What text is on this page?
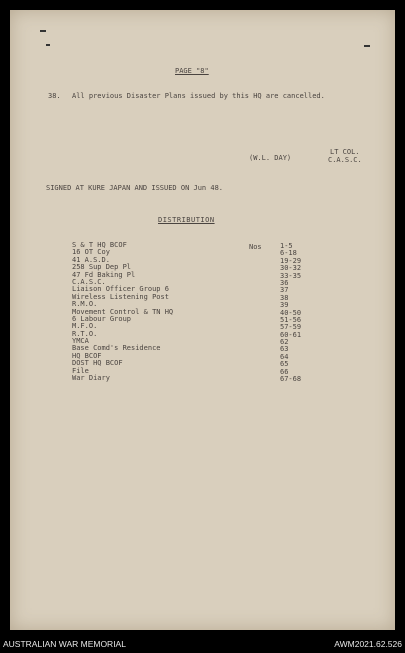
PAGE "8"
38. All previous Disaster Plans issued by this HQ are cancelled.
LT COL.
(W.L. DAY)	C.A.S.C.
SIGNED AT KURE JAPAN AND ISSUED ON Jun 48.
DISTRIBUTION
Nos
S & T HQ BCOF
16 OT Coy
41 A.S.D.
258 Sup Dep Pl
47 Fd Baking Pl
C.A.S.C.
Liaison Officer Group 6
Wireless Listening Post
R.M.O.
Movement Control & TN HQ
6 Labour Group
M.F.O.
R.T.O.
YMCA
Base Comd's Residence
HQ BCOF
DOST HQ BCOF
File
War Diary
1-5
6-18
19-29
30-32
33-35
36
37
38
39
40-50
51-56
57-59
60-61
62
63
64
65
66
67-68
AUSTRALIAN WAR MEMORIAL	AWM2021.62.526
